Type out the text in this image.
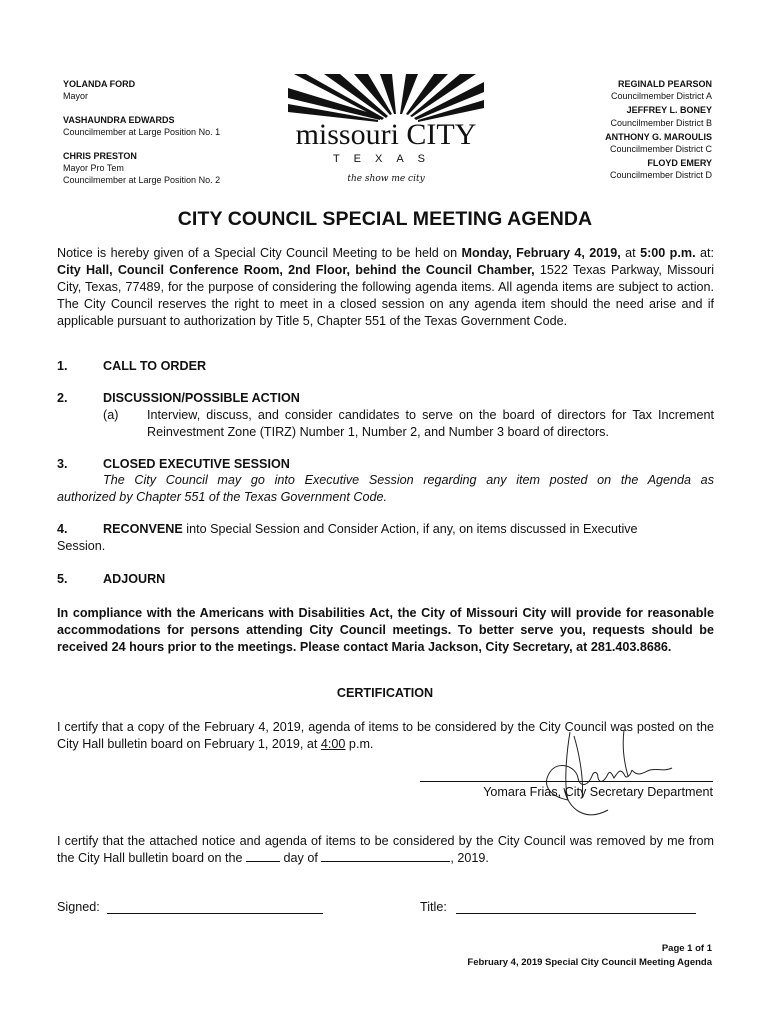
YOLANDA FORD
Mayor
VASHAUNDRA EDWARDS
Councilmember at Large Position No. 1
CHRIS PRESTON
Mayor Pro Tem
Councilmember at Large Position No. 2
missouri CITY
TEXAS
the show me city
REGINALD PEARSON
Councilmember District A
JEFFREY L. BONEY
Councilmember District B
ANTHONY G. MAROULIS
Councilmember District C
FLOYD EMERY
Councilmember District D
CITY COUNCIL SPECIAL MEETING AGENDA
Notice is hereby given of a Special City Council Meeting to be held on Monday, February 4, 2019, at 5:00 p.m. at: City Hall, Council Conference Room, 2nd Floor, behind the Council Chamber, 1522 Texas Parkway, Missouri City, Texas, 77489, for the purpose of considering the following agenda items. All agenda items are subject to action. The City Council reserves the right to meet in a closed session on any agenda item should the need arise and if applicable pursuant to authorization by Title 5, Chapter 551 of the Texas Government Code.
1.	CALL TO ORDER
2.	DISCUSSION/POSSIBLE ACTION
(a) Interview, discuss, and consider candidates to serve on the board of directors for Tax Increment Reinvestment Zone (TIRZ) Number 1, Number 2, and Number 3 board of directors.
3.	CLOSED EXECUTIVE SESSION
The City Council may go into Executive Session regarding any item posted on the Agenda as
authorized by Chapter 551 of the Texas Government Code.
4.	RECONVENE into Special Session and Consider Action, if any, on items discussed in Executive
Session.
5.	ADJOURN
In compliance with the Americans with Disabilities Act, the City of Missouri City will provide for reasonable accommodations for persons attending City Council meetings. To better serve you, requests should be received 24 hours prior to the meetings. Please contact Maria Jackson, City Secretary, at 281.403.8686.
CERTIFICATION
I certify that a copy of the February 4, 2019, agenda of items to be considered by the City Council was posted on the City Hall bulletin board on February 1, 2019, at 4:00 p.m.
Yomara Frias, City Secretary Department
I certify that the attached notice and agenda of items to be considered by the City Council was removed by me from the City Hall bulletin board on the	day of	, 2019.
Signed:	Title:
Page 1 of 1
February 4, 2019 Special City Council Meeting Agenda
